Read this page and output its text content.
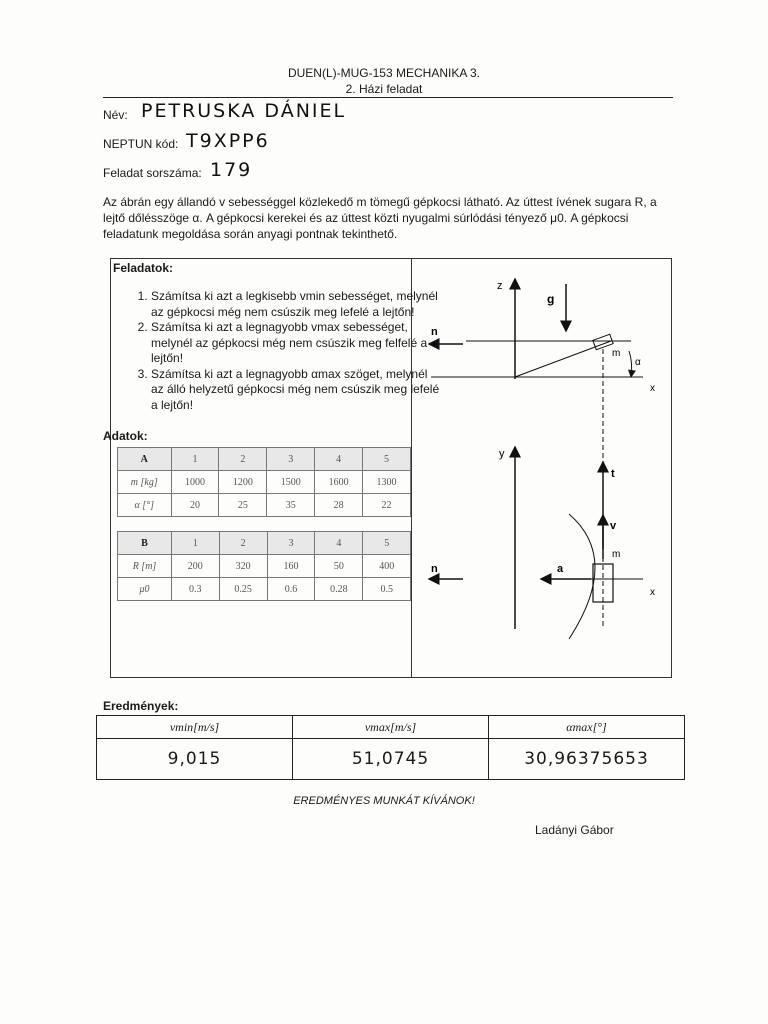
DUEN(L)-MUG-153 MECHANIKA 3.
2. Házi feladat
Név: PETRUSKA DÁNIEL
NEPTUN kód: T9XPP6
Feladat sorszáma: 179
Az ábrán egy állandó v sebességgel közlekedő m tömegű gépkocsi látható. Az úttest ívének sugara R, a lejtő dőlésszöge α. A gépkocsi kerekei és az úttest közti nyugalmi súrlódási tényező μ0. A gépkocsi feladatunk megoldása során anyagi pontnak tekinthető.
Feladatok:
1. Számítsa ki azt a legkisebb vmin sebességet, melynél az gépkocsi még nem csúszik meg lefelé a lejtőn!
2. Számítsa ki azt a legnagyobb vmax sebességet, melynél az gépkocsi még nem csúszik meg felfelé a lejtőn!
3. Számítsa ki azt a legnagyobb αmax szöget, melynél az álló helyzetű gépkocsi még nem csúszik meg lefelé a lejtőn!
Adatok:
A	1	2	3	4	5
m [kg]	1000	1200	1500	1600	1300
α [°]	20	25	35	28	22
B	1	2	3	4	5
R [m]	200	320	160	50	400
μ0	0.3	0.25	0.6	0.28	0.5
z
g
n
m
α
x
y
t
v
m
x
n	a
Eredmények:
vmin[m/s]	vmax[m/s]	αmax[°]
9,015	51,0745	30,96375653
EREDMÉNYES MUNKÁT KÍVÁNOK!
Ladányi Gábor
